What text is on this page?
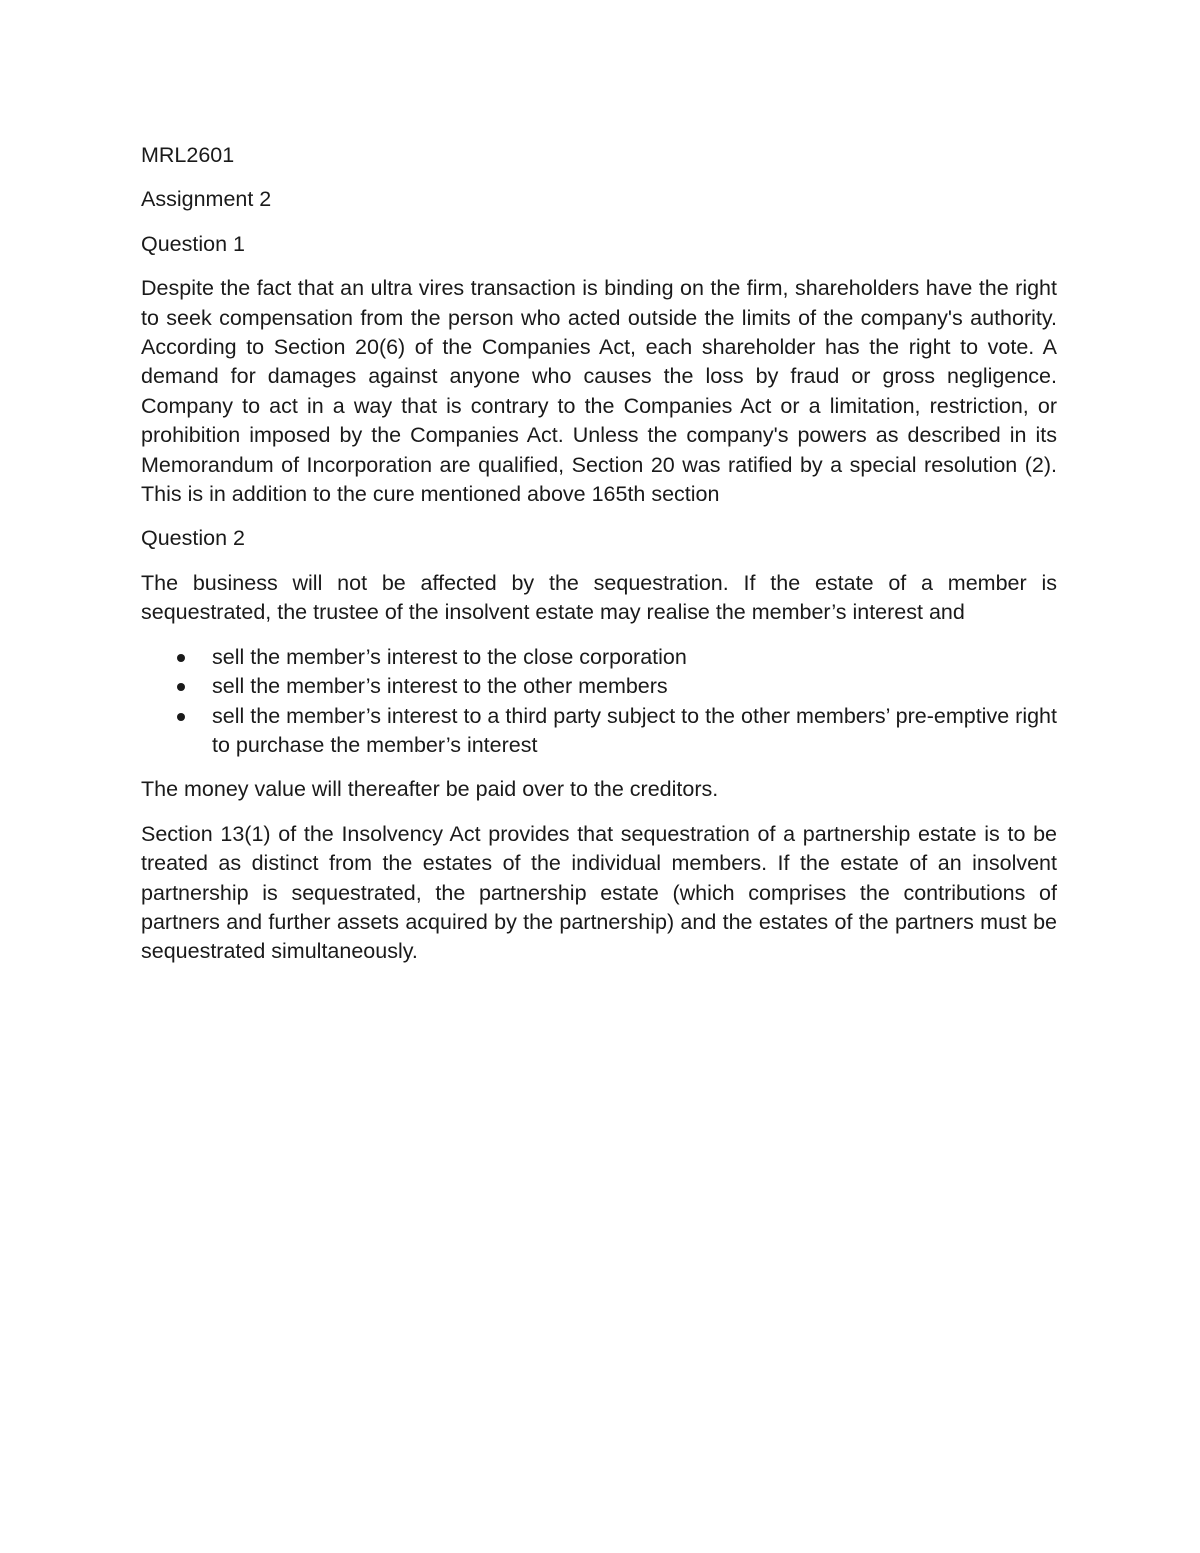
MRL2601
Assignment 2
Question 1

Despite the fact that an ultra vires transaction is binding on the firm, shareholders have the right to seek compensation from the person who acted outside the limits of the company's authority. According to Section 20(6) of the Companies Act, each shareholder has the right to vote. A demand for damages against anyone who causes the loss by fraud or gross negligence. Company to act in a way that is contrary to the Companies Act or a limitation, restriction, or prohibition imposed by the Companies Act. Unless the company's powers as described in its Memorandum of Incorporation are qualified, Section 20 was ratified by a special resolution (2). This is in addition to the cure mentioned above 165th section

Question 2

The business will not be affected by the sequestration. If the estate of a member is sequestrated, the trustee of the insolvent estate may realise the member’s interest and

sell the member’s interest to the close corporation
sell the member’s interest to the other members
sell the member’s interest to a third party subject to the other members’ pre-emptive right to purchase the member’s interest

The money value will thereafter be paid over to the creditors.

Section 13(1) of the Insolvency Act provides that sequestration of a partnership estate is to be treated as distinct from the estates of the individual members. If the estate of an insolvent partnership is sequestrated, the partnership estate (which comprises the contributions of partners and further assets acquired by the partnership) and the estates of the partners must be sequestrated simultaneously.
